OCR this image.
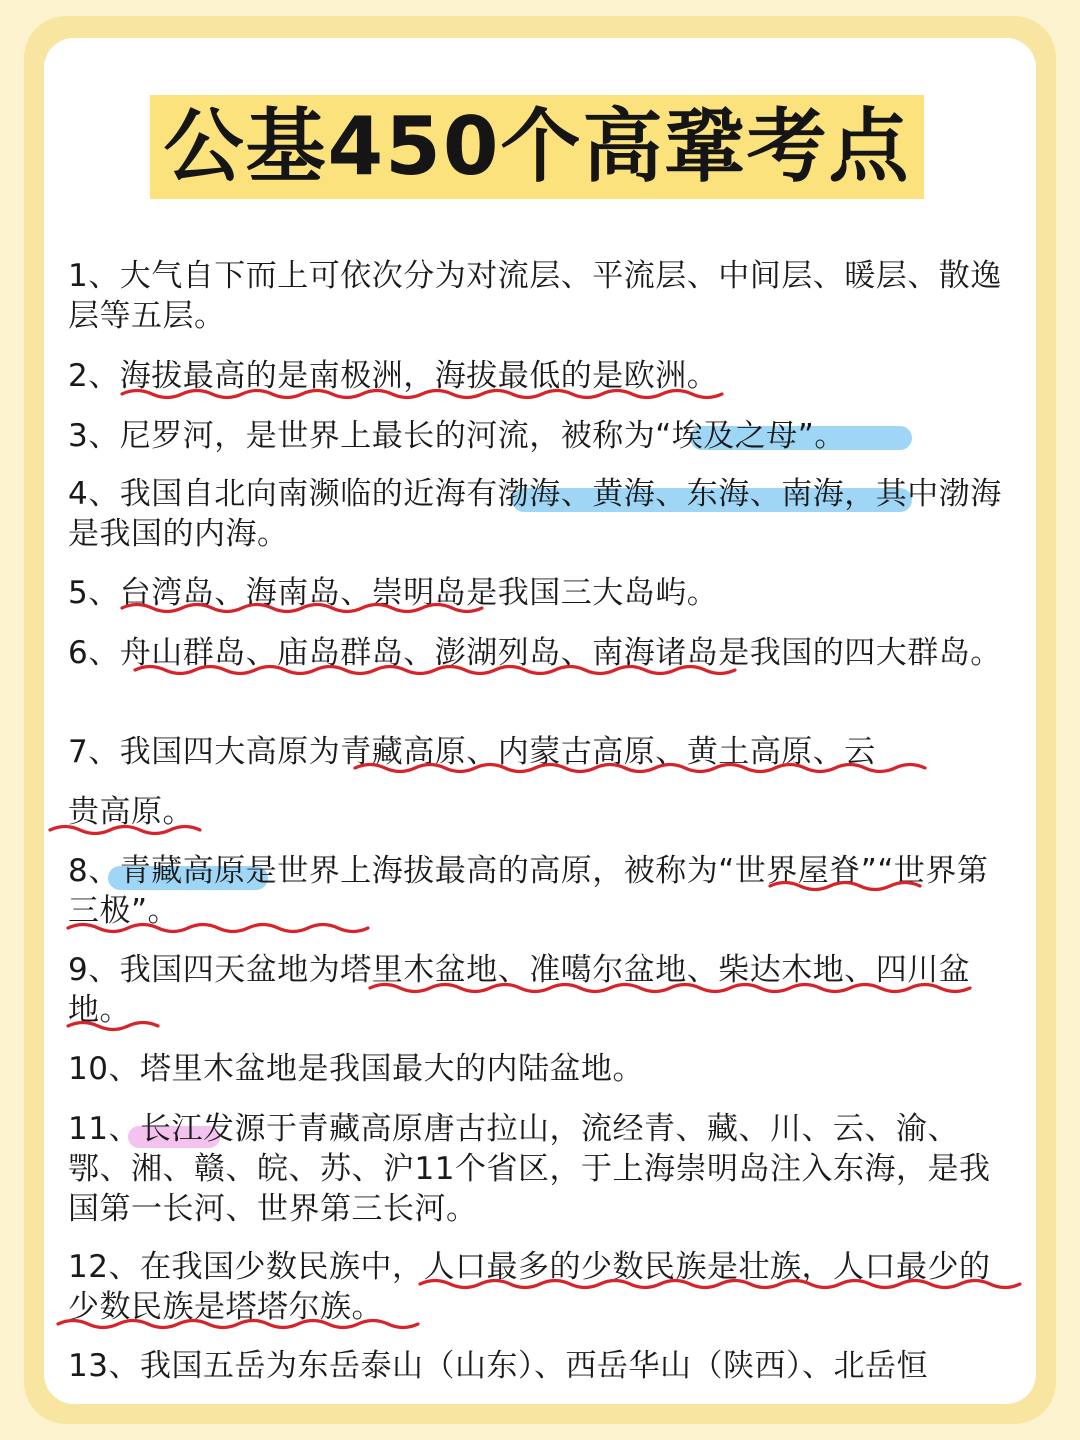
公基450个高鞏考点

1、大气自下而上可依次分为对流层、平流层、中间层、暖层、散逸层等五层。

2、海拔最高的是南极洲，海拔最低的是欧洲。

3、尼罗河，是世界上最长的河流，被称为“埃及之母”。

4、我国自北向南濒临的近海有渤海、黄海、东海、南海，其中渤海是我国的内海。

5、台湾岛、海南岛、崇明岛是我国三大岛屿。

6、舟山群岛、庙岛群岛、澎湖列岛、南海诸岛是我国的四大群岛。

7、我国四大高原为青藏高原、内蒙古高原、黄土高原、云

贵高原。

8、青藏高原是世界上海拔最高的高原，被称为“世界屋脊”“世界第三极”。

9、我国四天盆地为塔里木盆地、准噶尔盆地、柴达木地、四川盆地。

10、塔里木盆地是我国最大的内陆盆地。

11、长江发源于青藏高原唐古拉山，流经青、藏、川、云、渝、鄂、湘、赣、皖、苏、沪11个省区，于上海崇明岛注入东海，是我国第一长河、世界第三长河。

12、在我国少数民族中，人口最多的少数民族是壮族，人口最少的少数民族是塔塔尔族。

13、我国五岳为东岳泰山（山东）、西岳华山（陕西）、北岳恒
